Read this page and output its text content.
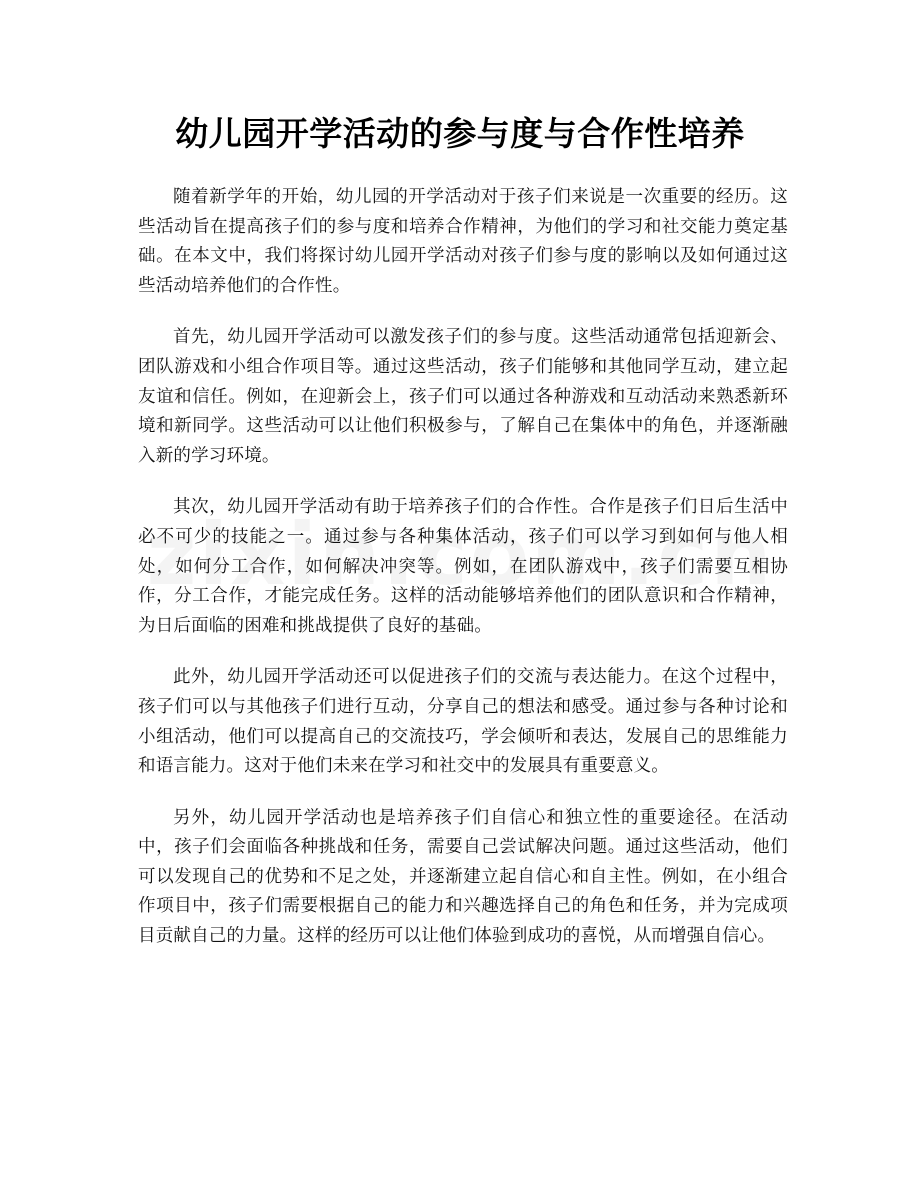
幼儿园开学活动的参与度与合作性培养

随着新学年的开始，幼儿园的开学活动对于孩子们来说是一次重要的经历。这些活动旨在提高孩子们的参与度和培养合作精神，为他们的学习和社交能力奠定基础。在本文中，我们将探讨幼儿园开学活动对孩子们参与度的影响以及如何通过这些活动培养他们的合作性。

首先，幼儿园开学活动可以激发孩子们的参与度。这些活动通常包括迎新会、团队游戏和小组合作项目等。通过这些活动，孩子们能够和其他同学互动，建立起友谊和信任。例如，在迎新会上，孩子们可以通过各种游戏和互动活动来熟悉新环境和新同学。这些活动可以让他们积极参与，了解自己在集体中的角色，并逐渐融入新的学习环境。

其次，幼儿园开学活动有助于培养孩子们的合作性。合作是孩子们日后生活中必不可少的技能之一。通过参与各种集体活动，孩子们可以学习到如何与他人相处，如何分工合作，如何解决冲突等。例如，在团队游戏中，孩子们需要互相协作，分工合作，才能完成任务。这样的活动能够培养他们的团队意识和合作精神，为日后面临的困难和挑战提供了良好的基础。

此外，幼儿园开学活动还可以促进孩子们的交流与表达能力。在这个过程中，孩子们可以与其他孩子们进行互动，分享自己的想法和感受。通过参与各种讨论和小组活动，他们可以提高自己的交流技巧，学会倾听和表达，发展自己的思维能力和语言能力。这对于他们未来在学习和社交中的发展具有重要意义。

另外，幼儿园开学活动也是培养孩子们自信心和独立性的重要途径。在活动中，孩子们会面临各种挑战和任务，需要自己尝试解决问题。通过这些活动，他们可以发现自己的优势和不足之处，并逐渐建立起自信心和自主性。例如，在小组合作项目中，孩子们需要根据自己的能力和兴趣选择自己的角色和任务，并为完成项目贡献自己的力量。这样的经历可以让他们体验到成功的喜悦，从而增强自信心。
